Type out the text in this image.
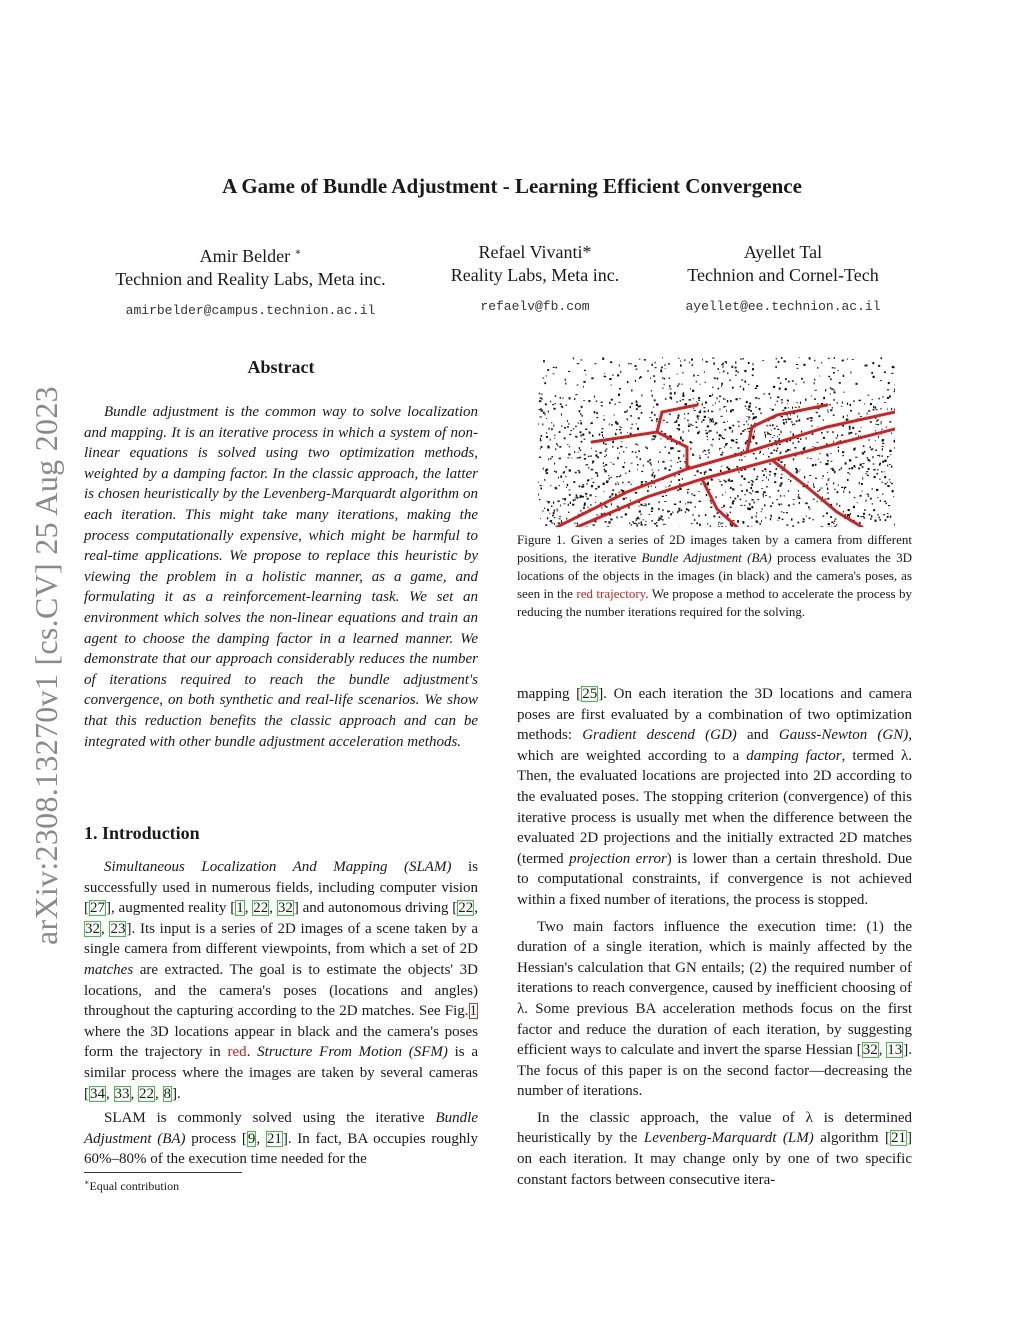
A Game of Bundle Adjustment - Learning Efficient Convergence
Amir Belder ∗
Technion and Reality Labs, Meta inc.
amirbelder@campus.technion.ac.il
Refael Vivanti*
Reality Labs, Meta inc.
refaelv@fb.com
Ayellet Tal
Technion and Cornel-Tech
ayellet@ee.technion.ac.il
arXiv:2308.13270v1 [cs.CV] 25 Aug 2023
Abstract

Bundle adjustment is the common way to solve localization and mapping. It is an iterative process in which a system of non-linear equations is solved using two optimization methods, weighted by a damping factor. In the classic approach, the latter is chosen heuristically by the Levenberg-Marquardt algorithm on each iteration. This might take many iterations, making the process computationally expensive, which might be harmful to real-time applications. We propose to replace this heuristic by viewing the problem in a holistic manner, as a game, and formulating it as a reinforcement-learning task. We set an environment which solves the non-linear equations and train an agent to choose the damping factor in a learned manner. We demonstrate that our approach considerably reduces the number of iterations required to reach the bundle adjustment's convergence, on both synthetic and real-life scenarios. We show that this reduction benefits the classic approach and can be integrated with other bundle adjustment acceleration methods.

1. Introduction

Simultaneous Localization And Mapping (SLAM) is successfully used in numerous fields, including computer vision [27], augmented reality [1, 22, 32] and autonomous driving [22, 32, 23]. Its input is a series of 2D images of a scene taken by a single camera from different viewpoints, from which a set of 2D matches are extracted. The goal is to estimate the objects' 3D locations, and the camera's poses (locations and angles) throughout the capturing according to the 2D matches. See Fig.1 where the 3D locations appear in black and the camera's poses form the trajectory in red. Structure From Motion (SFM) is a similar process where the images are taken by several cameras [34, 33, 22, 8].

SLAM is commonly solved using the iterative Bundle Adjustment (BA) process [9, 21]. In fact, BA occupies roughly 60%–80% of the execution time needed for the

Figure 1. Given a series of 2D images taken by a camera from different positions, the iterative Bundle Adjustment (BA) process evaluates the 3D locations of the objects in the images (in black) and the camera's poses, as seen in the red trajectory. We propose a method to accelerate the process by reducing the number iterations required for the solving.

mapping [25]. On each iteration the 3D locations and camera poses are first evaluated by a combination of two optimization methods: Gradient descend (GD) and Gauss-Newton (GN), which are weighted according to a damping factor, termed λ. Then, the evaluated locations are projected into 2D according to the evaluated poses. The stopping criterion (convergence) of this iterative process is usually met when the difference between the evaluated 2D projections and the initially extracted 2D matches (termed projection error) is lower than a certain threshold. Due to computational constraints, if convergence is not achieved within a fixed number of iterations, the process is stopped.

Two main factors influence the execution time: (1) the duration of a single iteration, which is mainly affected by the Hessian's calculation that GN entails; (2) the required number of iterations to reach convergence, caused by inefficient choosing of λ. Some previous BA acceleration methods focus on the first factor and reduce the duration of each iteration, by suggesting efficient ways to calculate and invert the sparse Hessian [32, 13]. The focus of this paper is on the second factor—decreasing the number of iterations.

In the classic approach, the value of λ is determined heuristically by the Levenberg-Marquardt (LM) algorithm [21] on each iteration. It may change only by one of two specific constant factors between consecutive itera-

∗Equal contribution
